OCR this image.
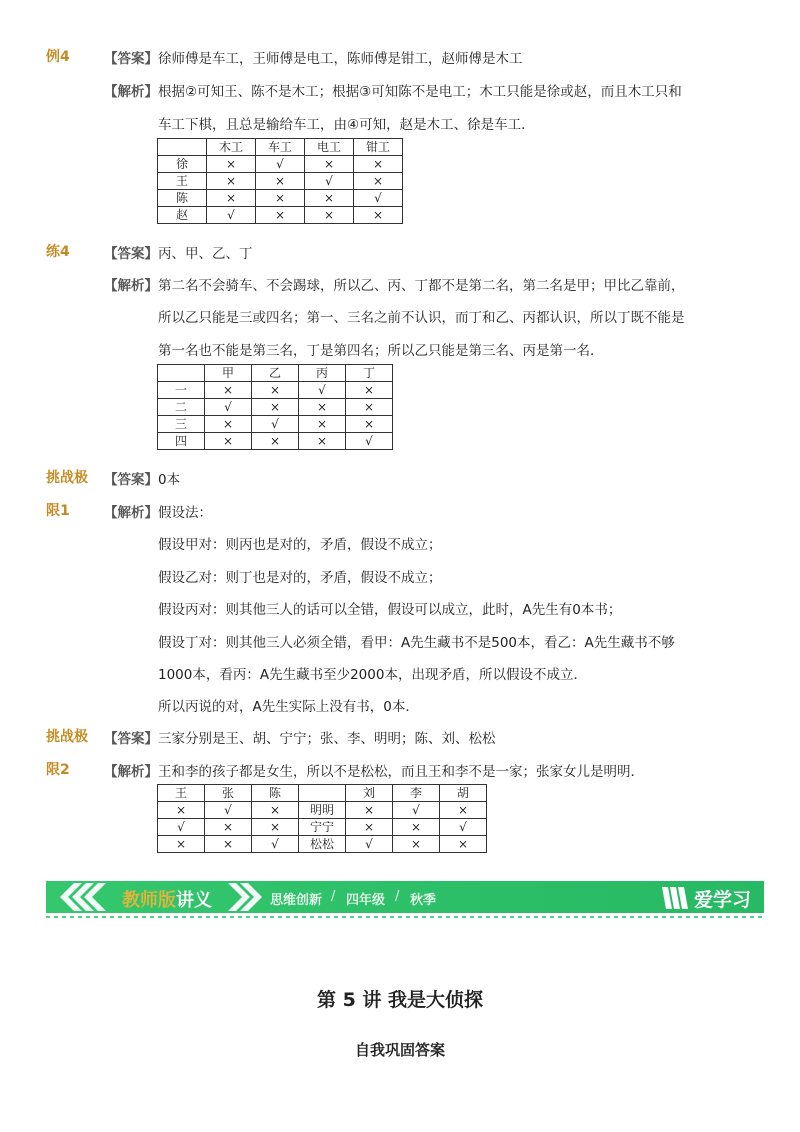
例4	【答案】 徐师傅是车工，王师傅是电工，陈师傅是钳工，赵师傅是木工
【解析】 根据②可知王、陈不是木工；根据③可知陈不是电工；木工只能是徐或赵，而且木工只和
车工下棋，且总是输给车工，由④可知，赵是木工、徐是车工．
	木工	车工	电工	钳工
徐	×	√	×	×
王	×	×	√	×
陈	×	×	×	√
赵	√	×	×	×
练4	【答案】 丙、甲、乙、丁
【解析】 第二名不会骑车、不会踢球，所以乙、丙、丁都不是第二名，第二名是甲；甲比乙靠前，
所以乙只能是三或四名；第一、三名之前不认识，而丁和乙、丙都认识，所以丁既不能是
第一名也不能是第三名，丁是第四名；所以乙只能是第三名、丙是第一名．
	甲	乙	丙	丁
一	×	×	√	×
二	√	×	×	×
三	×	√	×	×
四	×	×	×	√
挑战极
限1
【答案】 0本
【解析】 假设法：
假设甲对：则丙也是对的，矛盾，假设不成立；
假设乙对：则丁也是对的，矛盾，假设不成立；
假设丙对：则其他三人的话可以全错，假设可以成立，此时，A先生有0本书；
假设丁对：则其他三人必须全错，看甲：A先生藏书不是500本，看乙：A先生藏书不够
1000本，看丙：A先生藏书至少2000本，出现矛盾，所以假设不成立．
所以丙说的对，A先生实际上没有书，0本．
挑战极
限2
【答案】 三家分别是王、胡、宁宁；张、李、明明；陈、刘、松松
【解析】 王和李的孩子都是女生，所以不是松松，而且王和李不是一家；张家女儿是明明．
王	张	陈		刘	李	胡
×	√	×	明明	×	√	×
√	×	×	宁宁	×	×	√
×	×	√	松松	√	×	×
教师版 讲义	思维创新 / 四年级 / 秋季	爱学习
第 5 讲 我是大侦探
自我巩固答案
